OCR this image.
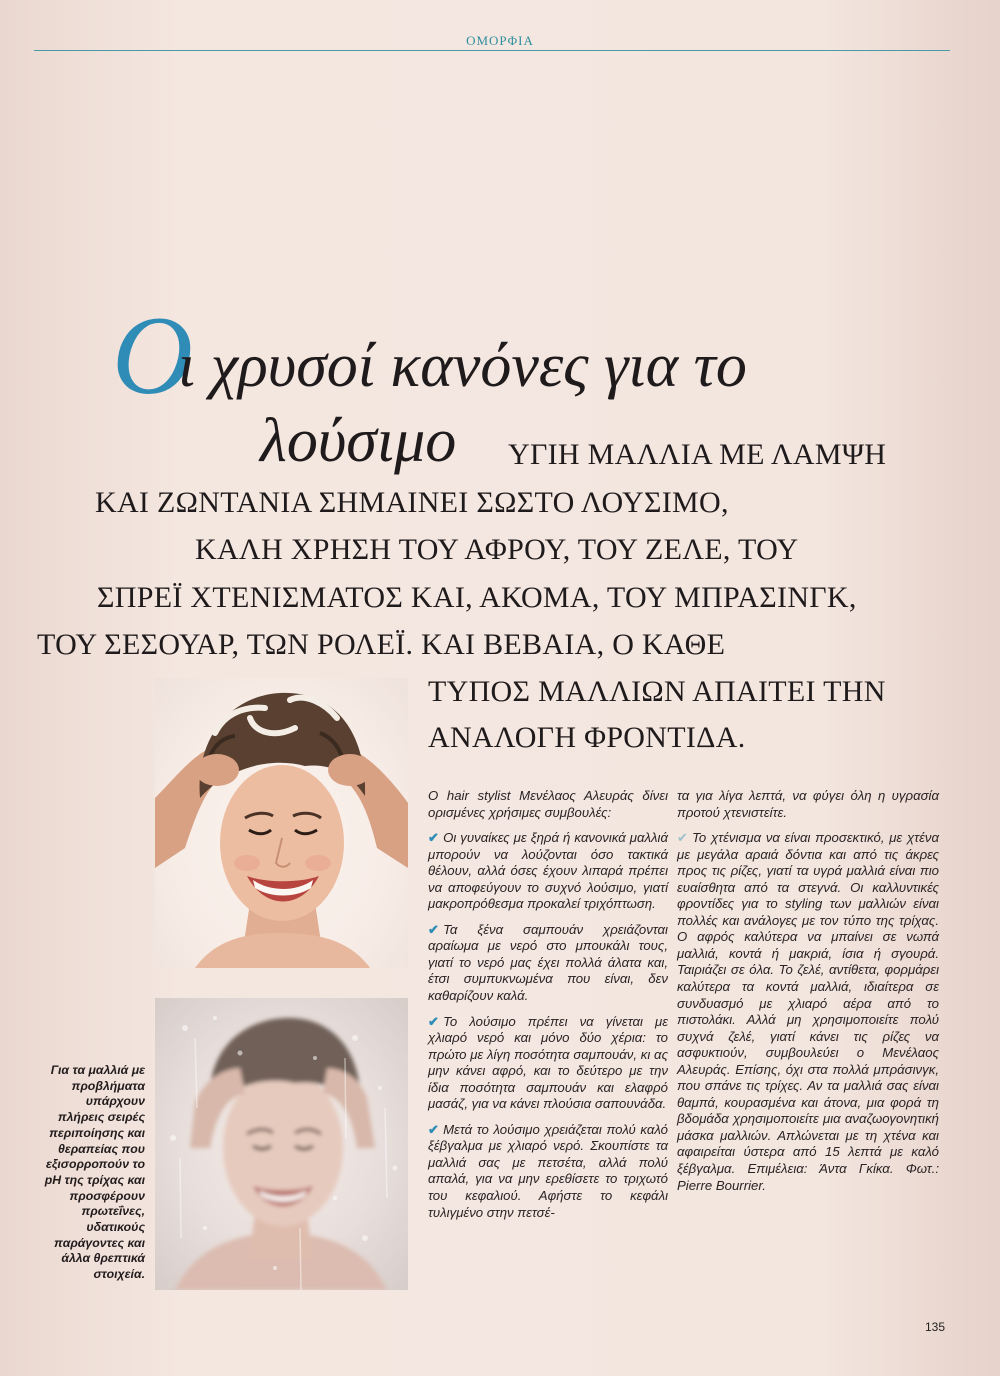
ΟΜΟΡΦΙΑ
Ο
ι χρυσοί κανόνες για το
λούσιμο ΥΓΙΗ ΜΑΛΛΙΑ ΜΕ ΛΑΜΨΗ
ΚΑΙ ΖΩΝΤΑΝΙΑ ΣΗΜΑΙΝΕΙ ΣΩΣΤΟ ΛΟΥΣΙΜΟ,
ΚΑΛΗ ΧΡΗΣΗ ΤΟΥ ΑΦΡΟΥ, ΤΟΥ ΖΕΛΕ, ΤΟΥ
ΣΠΡΕΪ ΧΤΕΝΙΣΜΑΤΟΣ ΚΑΙ, ΑΚΟΜΑ, ΤΟΥ ΜΠΡΑΣΙΝΓΚ,
ΤΟΥ ΣΕΣΟΥΑΡ, ΤΩΝ ΡΟΛΕΪ. ΚΑΙ ΒΕΒΑΙΑ, Ο ΚΑΘΕ
ΤΥΠΟΣ ΜΑΛΛΙΩΝ ΑΠΑΙΤΕΙ ΤΗΝ
ΑΝΑΛΟΓΗ ΦΡΟΝΤΙΔΑ.
Για τα μαλλιά με προβλήματα υπάρχουν πλήρεις σειρές περιποίησης και θεραπείας που εξισορροπούν το pH της τρίχας και προσφέρουν πρωτεΐνες, υδατικούς παράγοντες και άλλα θρεπτικά στοιχεία.

Ο hair stylist Μενέλαος Αλευράς δίνει ορισμένες χρήσιμες συμβουλές:

✔ Οι γυναίκες με ξηρά ή κανονικά μαλλιά μπορούν να λούζονται όσο τακτικά θέλουν, αλλά όσες έχουν λιπαρά πρέπει να αποφεύγουν το συχνό λούσιμο, γιατί μακροπρόθεσμα προκαλεί τριχόπτωση.

✔ Τα ξένα σαμπουάν χρειάζονται αραίωμα με νερό στο μπουκάλι τους, γιατί το νερό μας έχει πολλά άλατα και, έτσι συμπυκνωμένα που είναι, δεν καθαρίζουν καλά.

✔ Το λούσιμο πρέπει να γίνεται με χλιαρό νερό και μόνο δύο χέρια: το πρώτο με λίγη ποσότητα σαμπουάν, κι ας μην κάνει αφρό, και το δεύτερο με την ίδια ποσότητα σαμπουάν και ελαφρό μασάζ, για να κάνει πλούσια σαπουνάδα.

✔ Μετά το λούσιμο χρειάζεται πολύ καλό ξέβγαλμα με χλιαρό νερό. Σκουπίστε τα μαλλιά σας με πετσέτα, αλλά πολύ απαλά, για να μην ερεθίσετε το τριχωτό του κεφαλιού. Αφήστε το κεφάλι τυλιγμένο στην πετσέ-

τα για λίγα λεπτά, να φύγει όλη η υγρασία προτού χτενιστείτε.

✔ Το χτένισμα να είναι προσεκτικό, με χτένα με μεγάλα αραιά δόντια και από τις άκρες προς τις ρίζες, γιατί τα υγρά μαλλιά είναι πιο ευαίσθητα από τα στεγνά. Οι καλλυντικές φροντίδες για το styling των μαλλιών είναι πολλές και ανάλογες με τον τύπο της τρίχας. Ο αφρός καλύτερα να μπαίνει σε νωπά μαλλιά, κοντά ή μακριά, ίσια ή σγουρά. Ταιριάζει σε όλα. Το ζελέ, αντίθετα, φορμάρει καλύτερα τα κοντά μαλλιά, ιδιαίτερα σε συνδυασμό με χλιαρό αέρα από το πιστολάκι. Αλλά μη χρησιμοποιείτε πολύ συχνά ζελέ, γιατί κάνει τις ρίζες να ασφυκτιούν, συμβουλεύει ο Μενέλαος Αλευράς. Επίσης, όχι στα πολλά μπράσινγκ, που σπάνε τις τρίχες. Αν τα μαλλιά σας είναι θαμπά, κουρασμένα και άτονα, μια φορά τη βδομάδα χρησιμοποιείτε μια αναζωογονητική μάσκα μαλλιών. Απλώνεται με τη χτένα και αφαιρείται ύστερα από 15 λεπτά με καλό ξέβγαλμα. Επιμέλεια: Άντα Γκίκα. Φωτ.: Pierre Bourrier.

135
